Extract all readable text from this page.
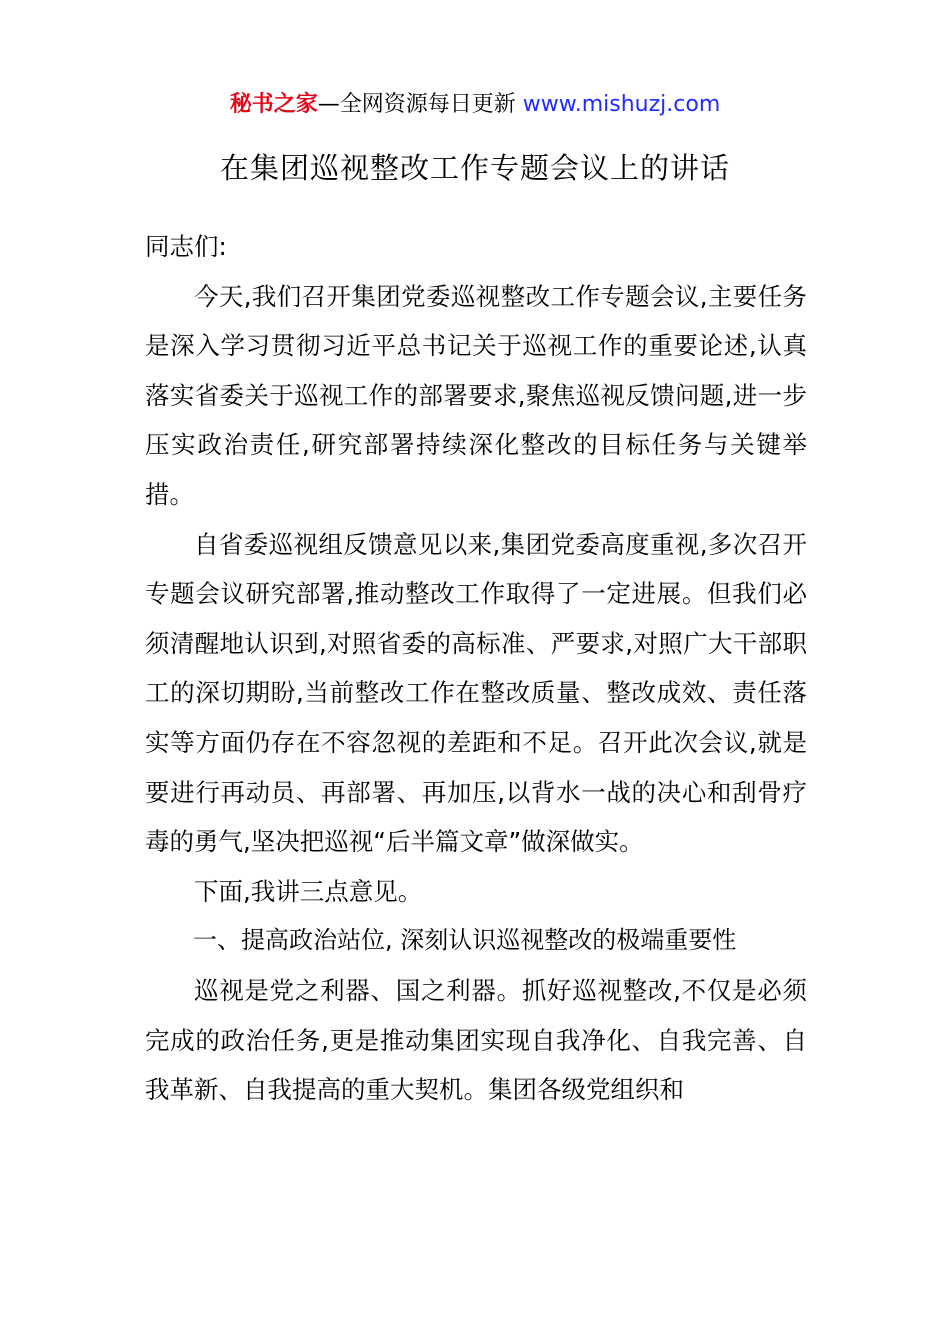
秘书之家—全网资源每日更新 www.mishuzj.com
在集团巡视整改工作专题会议上的讲话

同志们:

今天,我们召开集团党委巡视整改工作专题会议,主要任务是深入学习贯彻习近平总书记关于巡视工作的重要论述,认真落实省委关于巡视工作的部署要求,聚焦巡视反馈问题,进一步压实政治责任,研究部署持续深化整改的目标任务与关键举措。

自省委巡视组反馈意见以来,集团党委高度重视,多次召开专题会议研究部署,推动整改工作取得了一定进展。但我们必须清醒地认识到,对照省委的高标准、严要求,对照广大干部职工的深切期盼,当前整改工作在整改质量、整改成效、责任落实等方面仍存在不容忽视的差距和不足。召开此次会议,就是要进行再动员、再部署、再加压,以背水一战的决心和刮骨疗毒的勇气,坚决把巡视“后半篇文章”做深做实。

下面,我讲三点意见。

一、提高政治站位, 深刻认识巡视整改的极端重要性

巡视是党之利器、国之利器。抓好巡视整改,不仅是必须完成的政治任务,更是推动集团实现自我净化、自我完善、自我革新、自我提高的重大契机。集团各级党组织和
